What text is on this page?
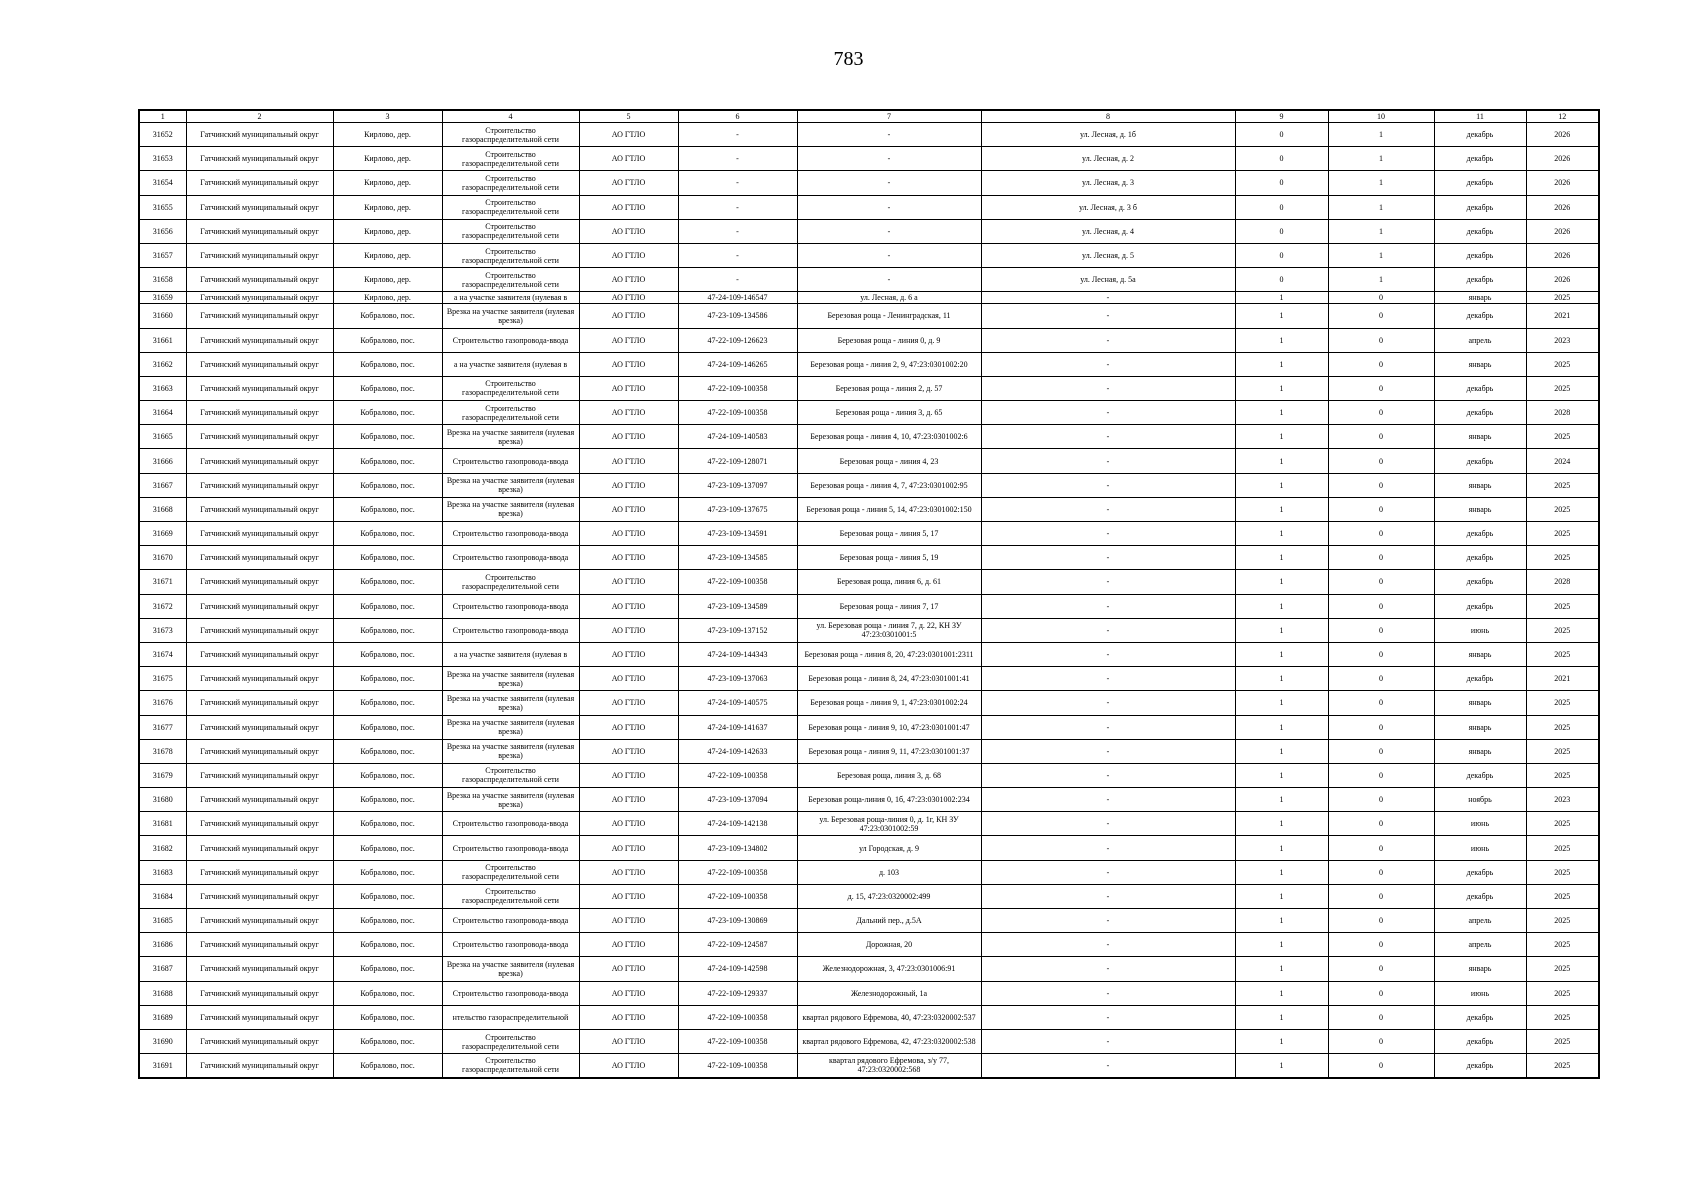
783
1	2	3	4	5	6	7	8	9	10	11	12
31652	Гатчинский муниципальный округ	Кирлово, дер.	Строительство газораспределительной сети	АО ГТЛО	-	-	ул. Лесная, д. 1б	0	1	декабрь	2026
31653	Гатчинский муниципальный округ	Кирлово, дер.	Строительство газораспределительной сети	АО ГТЛО	-	-	ул. Лесная, д. 2	0	1	декабрь	2026
31654	Гатчинский муниципальный округ	Кирлово, дер.	Строительство газораспределительной сети	АО ГТЛО	-	-	ул. Лесная, д. 3	0	1	декабрь	2026
31655	Гатчинский муниципальный округ	Кирлово, дер.	Строительство газораспределительной сети	АО ГТЛО	-	-	ул. Лесная, д. 3 б	0	1	декабрь	2026
31656	Гатчинский муниципальный округ	Кирлово, дер.	Строительство газораспределительной сети	АО ГТЛО	-	-	ул. Лесная, д. 4	0	1	декабрь	2026
31657	Гатчинский муниципальный округ	Кирлово, дер.	Строительство газораспределительной сети	АО ГТЛО	-	-	ул. Лесная, д. 5	0	1	декабрь	2026
31658	Гатчинский муниципальный округ	Кирлово, дер.	Строительство газораспределительной сети	АО ГТЛО	-	-	ул. Лесная, д. 5а	0	1	декабрь	2026
31659	Гатчинский муниципальный округ	Кирлово, дер.	а на участке заявителя (нулевая в	АО ГТЛО	47-24-109-146547	ул. Лесная, д. 6 а	-	1	0	январь	2025
31660	Гатчинский муниципальный округ	Кобралово, пос.	Врезка на участке заявителя (нулевая врезка)	АО ГТЛО	47-23-109-134586	Березовая роща - Ленинградская, 11	-	1	0	декабрь	2021
31661	Гатчинский муниципальный округ	Кобралово, пос.	Строительство газопровода-ввода	АО ГТЛО	47-22-109-126623	Березовая роща - линия 0, д. 9	-	1	0	апрель	2023
31662	Гатчинский муниципальный округ	Кобралово, пос.	а на участке заявителя (нулевая в	АО ГТЛО	47-24-109-146265	Березовая роща - линия 2, 9, 47:23:0301002:20	-	1	0	январь	2025
31663	Гатчинский муниципальный округ	Кобралово, пос.	Строительство газораспределительной сети	АО ГТЛО	47-22-109-100358	Березовая роща - линия 2, д. 57	-	1	0	декабрь	2025
31664	Гатчинский муниципальный округ	Кобралово, пос.	Строительство газораспределительной сети	АО ГТЛО	47-22-109-100358	Березовая роща - линия 3, д. 65	-	1	0	декабрь	2028
31665	Гатчинский муниципальный округ	Кобралово, пос.	Врезка на участке заявителя (нулевая врезка)	АО ГТЛО	47-24-109-140583	Березовая роща - линия 4, 10, 47:23:0301002:6	-	1	0	январь	2025
31666	Гатчинский муниципальный округ	Кобралово, пос.	Строительство газопровода-ввода	АО ГТЛО	47-22-109-128071	Березовая роща - линия 4, 23	-	1	0	декабрь	2024
31667	Гатчинский муниципальный округ	Кобралово, пос.	Врезка на участке заявителя (нулевая врезка)	АО ГТЛО	47-23-109-137097	Березовая роща - линия 4, 7, 47:23:0301002:95	-	1	0	январь	2025
31668	Гатчинский муниципальный округ	Кобралово, пос.	Врезка на участке заявителя (нулевая врезка)	АО ГТЛО	47-23-109-137675	Березовая роща - линия 5, 14, 47:23:0301002:150	-	1	0	январь	2025
31669	Гатчинский муниципальный округ	Кобралово, пос.	Строительство газопровода-ввода	АО ГТЛО	47-23-109-134591	Березовая роща - линия 5, 17	-	1	0	декабрь	2025
31670	Гатчинский муниципальный округ	Кобралово, пос.	Строительство газопровода-ввода	АО ГТЛО	47-23-109-134585	Березовая роща - линия 5, 19	-	1	0	декабрь	2025
31671	Гатчинский муниципальный округ	Кобралово, пос.	Строительство газораспределительной сети	АО ГТЛО	47-22-109-100358	Березовая роща, линия 6, д. 61	-	1	0	декабрь	2028
31672	Гатчинский муниципальный округ	Кобралово, пос.	Строительство газопровода-ввода	АО ГТЛО	47-23-109-134589	Березовая роща - линия 7, 17	-	1	0	декабрь	2025
31673	Гатчинский муниципальный округ	Кобралово, пос.	Строительство газопровода-ввода	АО ГТЛО	47-23-109-137152	ул. Березовая роща - линия 7, д. 22, КН ЗУ 47:23:0301001:5	-	1	0	июнь	2025
31674	Гатчинский муниципальный округ	Кобралово, пос.	а на участке заявителя (нулевая в	АО ГТЛО	47-24-109-144343	Березовая роща - линия 8, 20, 47:23:0301001:2311	-	1	0	январь	2025
31675	Гатчинский муниципальный округ	Кобралово, пос.	Врезка на участке заявителя (нулевая врезка)	АО ГТЛО	47-23-109-137063	Березовая роща - линия 8, 24, 47:23:0301001:41	-	1	0	декабрь	2021
31676	Гатчинский муниципальный округ	Кобралово, пос.	Врезка на участке заявителя (нулевая врезка)	АО ГТЛО	47-24-109-140575	Березовая роща - линия 9, 1, 47:23:0301002:24	-	1	0	январь	2025
31677	Гатчинский муниципальный округ	Кобралово, пос.	Врезка на участке заявителя (нулевая врезка)	АО ГТЛО	47-24-109-141637	Березовая роща - линия 9, 10, 47:23:0301001:47	-	1	0	январь	2025
31678	Гатчинский муниципальный округ	Кобралово, пос.	Врезка на участке заявителя (нулевая врезка)	АО ГТЛО	47-24-109-142633	Березовая роща - линия 9, 11, 47:23:0301001:37	-	1	0	январь	2025
31679	Гатчинский муниципальный округ	Кобралово, пос.	Строительство газораспределительной сети	АО ГТЛО	47-22-109-100358	Березовая роща, линия 3, д. 68	-	1	0	декабрь	2025
31680	Гатчинский муниципальный округ	Кобралово, пос.	Врезка на участке заявителя (нулевая врезка)	АО ГТЛО	47-23-109-137094	Березовая роща-линия 0, 1б, 47:23:0301002:234	-	1	0	ноябрь	2023
31681	Гатчинский муниципальный округ	Кобралово, пос.	Строительство газопровода-ввода	АО ГТЛО	47-24-109-142138	ул. Березовая роща-линия 0, д. 1г, КН ЗУ 47:23:0301002:59	-	1	0	июнь	2025
31682	Гатчинский муниципальный округ	Кобралово, пос.	Строительство газопровода-ввода	АО ГТЛО	47-23-109-134802	ул Городская, д. 9	-	1	0	июнь	2025
31683	Гатчинский муниципальный округ	Кобралово, пос.	Строительство газораспределительной сети	АО ГТЛО	47-22-109-100358	д. 103	-	1	0	декабрь	2025
31684	Гатчинский муниципальный округ	Кобралово, пос.	Строительство газораспределительной сети	АО ГТЛО	47-22-109-100358	д. 15, 47:23:0320002:499	-	1	0	декабрь	2025
31685	Гатчинский муниципальный округ	Кобралово, пос.	Строительство газопровода-ввода	АО ГТЛО	47-23-109-130869	Дальний пер., д.5А	-	1	0	апрель	2025
31686	Гатчинский муниципальный округ	Кобралово, пос.	Строительство газопровода-ввода	АО ГТЛО	47-22-109-124587	Дорожная, 20	-	1	0	апрель	2025
31687	Гатчинский муниципальный округ	Кобралово, пос.	Врезка на участке заявителя (нулевая врезка)	АО ГТЛО	47-24-109-142598	Железнодорожная, 3, 47:23:0301006:91	-	1	0	январь	2025
31688	Гатчинский муниципальный округ	Кобралово, пос.	Строительство газопровода-ввода	АО ГТЛО	47-22-109-129337	Железнодорожный, 1а	-	1	0	июнь	2025
31689	Гатчинский муниципальный округ	Кобралово, пос.	нтельство газораспределительной	АО ГТЛО	47-22-109-100358	квартал рядового Ефремова, 40, 47:23:0320002:537	-	1	0	декабрь	2025
31690	Гатчинский муниципальный округ	Кобралово, пос.	Строительство газораспределительной сети	АО ГТЛО	47-22-109-100358	квартал рядового Ефремова, 42, 47:23:0320002:538	-	1	0	декабрь	2025
31691	Гатчинский муниципальный округ	Кобралово, пос.	Строительство газораспределительной сети	АО ГТЛО	47-22-109-100358	квартал рядового Ефремова, з/у 77, 47:23:0320002:568	-	1	0	декабрь	2025
